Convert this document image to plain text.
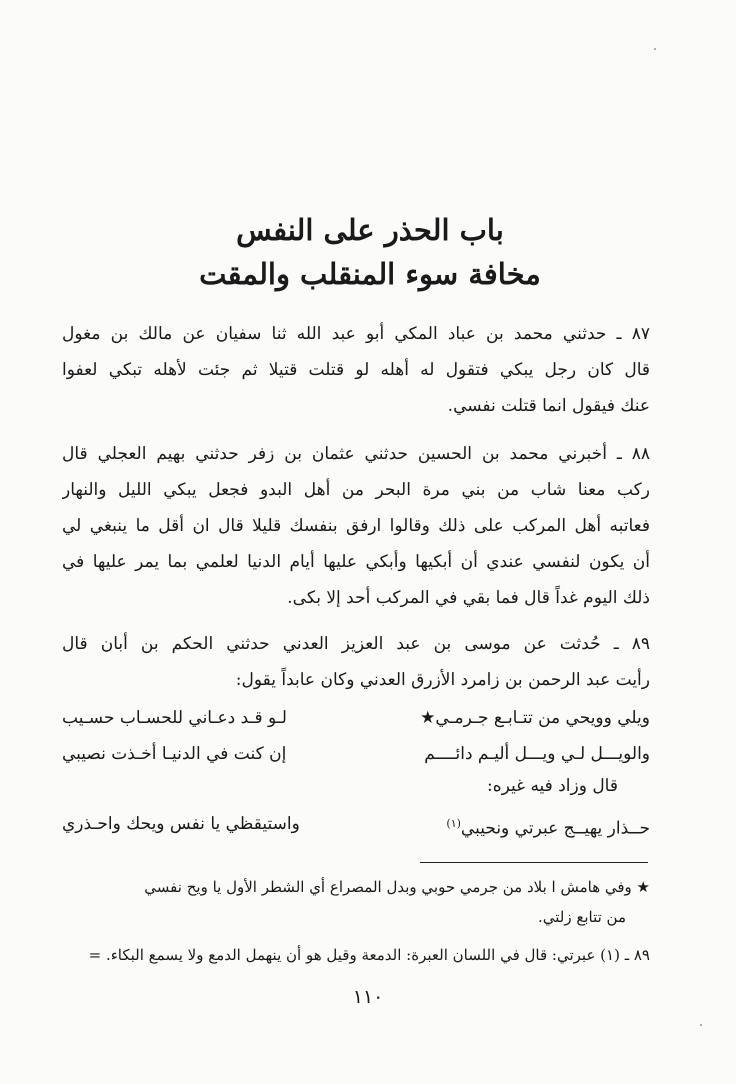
باب الحذر على النفس
مخافة سوء المنقلب والمقت
٨٧ ـ حدثني محمد بن عباد المكي أبو عبد الله ثنا سفيان عن مالك بن مغول
قال كان رجل يبكي فتقول له أهله لو قتلت قتيلا ثم جئت لأهله تبكي لعفوا
عنك فيقول انما قتلت نفسي.
٨٨ ـ أخبرني محمد بن الحسين حدثني عثمان بن زفر حدثني بهيم العجلي قال
ركب معنا شاب من بني مرة البحر من أهل البدو فجعل يبكي الليل والنهار
فعاتبه أهل المركب على ذلك وقالوا ارفق بنفسك قليلا قال ان أقل ما ينبغي لي
أن يكون لنفسي عندي أن أبكيها وأبكي عليها أيام الدنيا لعلمي بما يمر عليها في
ذلك اليوم غداً قال فما بقي في المركب أحد إلا بكى.
٨٩ ـ حُدثت عن موسى بن عبد العزيز العدني حدثني الحكم بن أبان قال
رأيت عبد الرحمن بن زامرد الأزرق العدني وكان عابداً يقول:
ويلي وويحي من تتـابـع جـرمـي★
لـو قـد دعـاني للحسـاب حسـيب
والويـــل لـي ويـــل أليـم دائــــم
إن كنت في الدنيـا أخـذت نصيبي
قال وزاد فيه غيره:
حــذار يهيــج عبرتي ونحيبي$^{(١)}$
واستيقظي يا نفس ويحك واحـذري
★ وفي هامش ا بلاد من جرمي حوبي وبدل المصراع أي الشطر الأول يا ويح نفسي
من تتابع زلتي.
٨٩ ـ (١) عبرتي: قال في اللسان العبرة: الدمعة وقيل هو أن ينهمل الدمع ولا يسمع البكاء. =
١١٠
